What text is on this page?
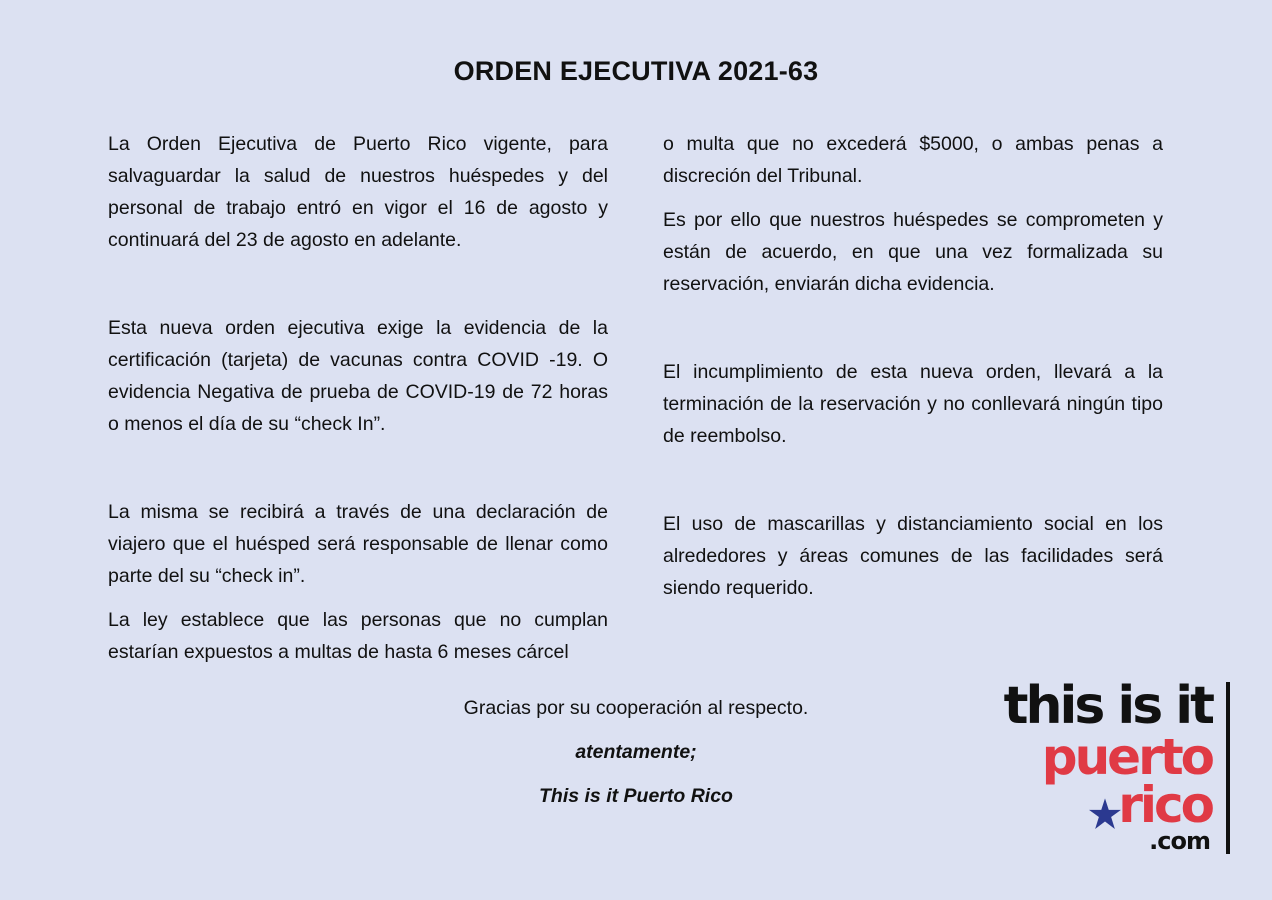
ORDEN EJECUTIVA 2021-63

La Orden Ejecutiva de Puerto Rico vigente, para salvaguardar la salud de nuestros huéspedes y del personal de trabajo entró en vigor el 16 de agosto y continuará del 23 de agosto en adelante.

Esta nueva orden ejecutiva exige la evidencia de la certificación (tarjeta) de vacunas contra COVID -19. O evidencia Negativa de prueba de COVID-19 de 72 horas o menos el día de su “check In”.

La misma se recibirá a través de una declaración de viajero que el huésped será responsable de llenar como parte del su “check in”.

La ley establece que las personas que no cumplan estarían expuestos a multas de hasta 6 meses cárcel

o multa que no excederá $5000, o ambas penas a discreción del Tribunal.

Es por ello que nuestros huéspedes se comprometen y están de acuerdo, en que una vez formalizada su reservación, enviarán dicha evidencia.

El incumplimiento de esta nueva orden, llevará a la terminación de la reservación y no conllevará ningún tipo de reembolso.

El uso de mascarillas y distanciamiento social en los alrededores y áreas comunes de las facilidades será siendo requerido.

Gracias por su cooperación al respecto.

atentamente;

This is it Puerto Rico

this is it
puerto
rico
.com
